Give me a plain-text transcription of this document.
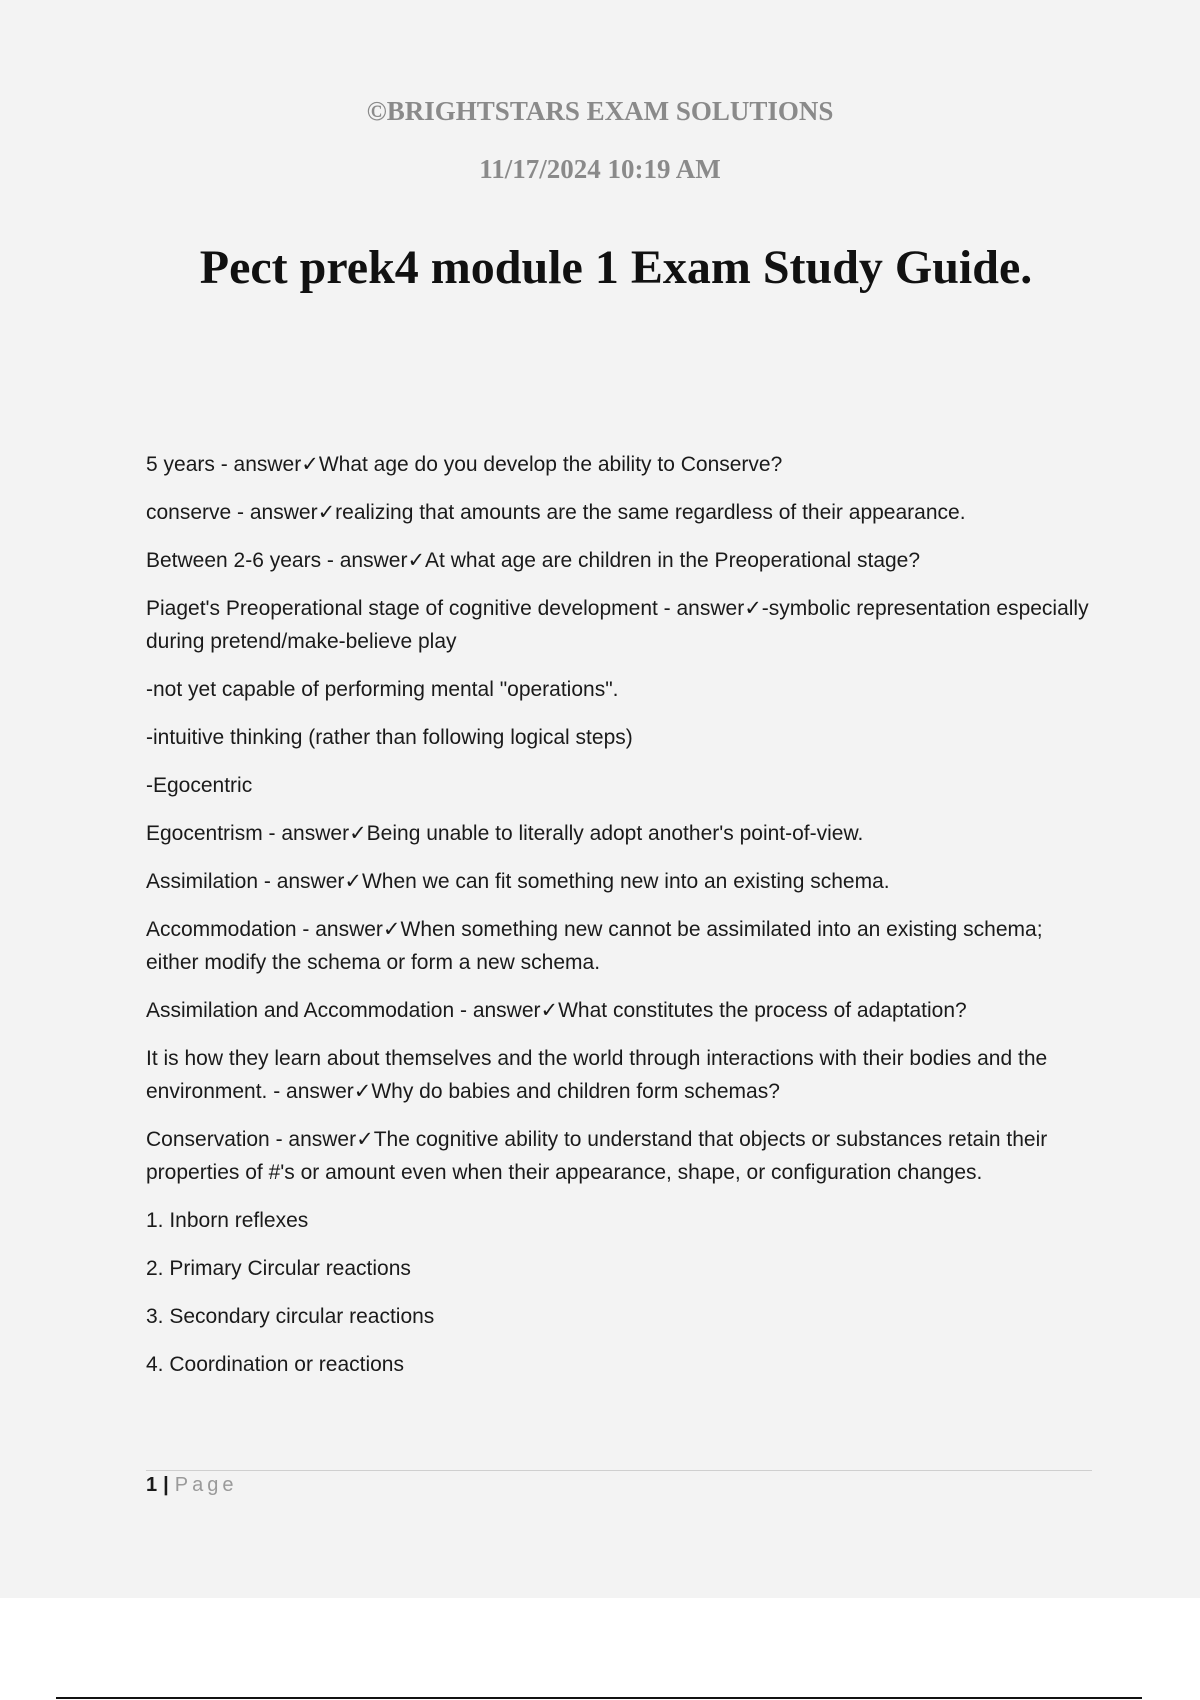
©BRIGHTSTARS EXAM SOLUTIONS

11/17/2024 10:19 AM

Pect prek4 module 1 Exam Study Guide.

5 years - answer✓What age do you develop the ability to Conserve?

conserve - answer✓realizing that amounts are the same regardless of their appearance.

Between 2-6 years - answer✓At what age are children in the Preoperational stage?

Piaget's Preoperational stage of cognitive development - answer✓-symbolic representation especially during pretend/make-believe play

-not yet capable of performing mental "operations".

-intuitive thinking (rather than following logical steps)

-Egocentric

Egocentrism - answer✓Being unable to literally adopt another's point-of-view.

Assimilation - answer✓When we can fit something new into an existing schema.

Accommodation - answer✓When something new cannot be assimilated into an existing schema; either modify the schema or form a new schema.

Assimilation and Accommodation - answer✓What constitutes the process of adaptation?

It is how they learn about themselves and the world through interactions with their bodies and the environment. - answer✓Why do babies and children form schemas?

Conservation - answer✓The cognitive ability to understand that objects or substances retain their properties of #'s or amount even when their appearance, shape, or configuration changes.

1. Inborn reflexes

2. Primary Circular reactions

3. Secondary circular reactions

4. Coordination or reactions

1 | Page
